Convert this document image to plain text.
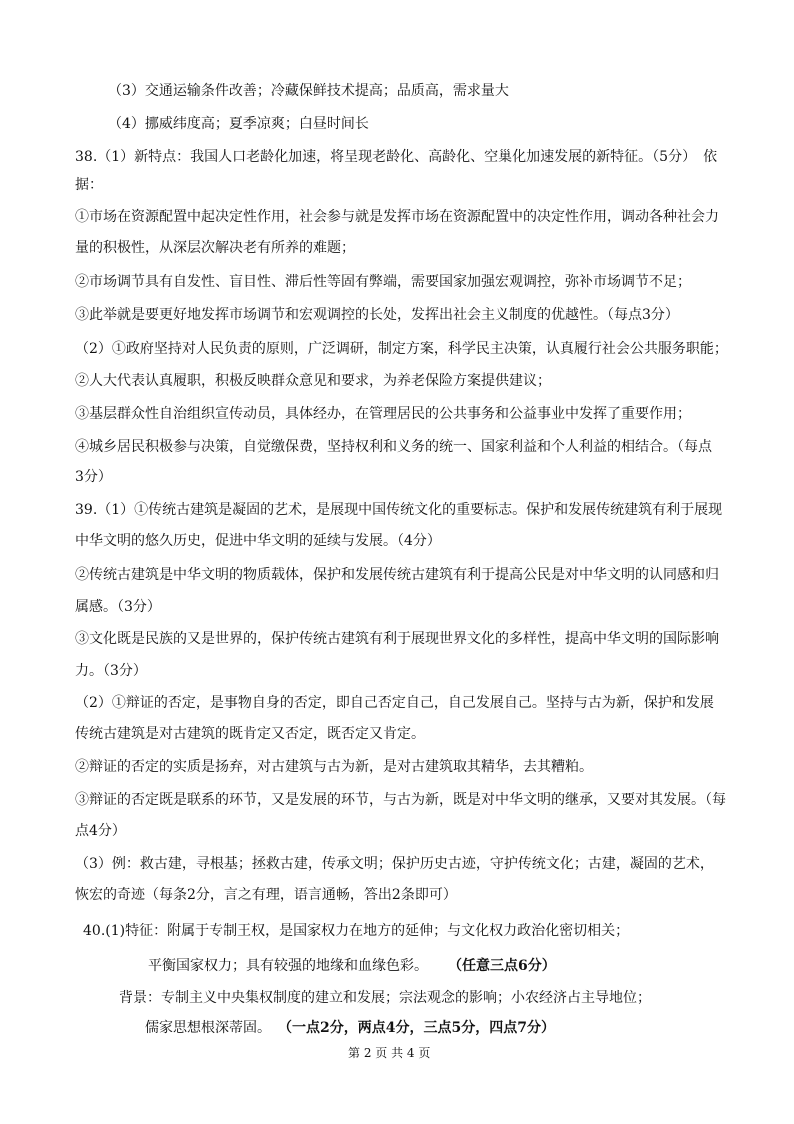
（3）交通运输条件改善；冷藏保鲜技术提高；品质高，需求量大
（4）挪威纬度高；夏季凉爽；白昼时间长
38.（1）新特点：我国人口老龄化加速，将呈现老龄化、高龄化、空巢化加速发展的新特征。（5分）　依
据：
①市场在资源配置中起决定性作用，社会参与就是发挥市场在资源配置中的决定性作用，调动各种社会力
量的积极性，从深层次解决老有所养的难题；
②市场调节具有自发性、盲目性、滞后性等固有弊端，需要国家加强宏观调控，弥补市场调节不足；
③此举就是要更好地发挥市场调节和宏观调控的长处，发挥出社会主义制度的优越性。（每点3分）
（2）①政府坚持对人民负责的原则，广泛调研，制定方案，科学民主决策，认真履行社会公共服务职能；
②人大代表认真履职，积极反映群众意见和要求，为养老保险方案提供建议；
③基层群众性自治组织宣传动员，具体经办，在管理居民的公共事务和公益事业中发挥了重要作用；
④城乡居民积极参与决策，自觉缴保费，坚持权利和义务的统一、国家利益和个人利益的相结合。（每点
3分）
39.（1）①传统古建筑是凝固的艺术，是展现中国传统文化的重要标志。保护和发展传统建筑有利于展现
中华文明的悠久历史，促进中华文明的延续与发展。（4分）
②传统古建筑是中华文明的物质载体，保护和发展传统古建筑有利于提高公民是对中华文明的认同感和归
属感。（3分）
③文化既是民族的又是世界的，保护传统古建筑有利于展现世界文化的多样性，提高中华文明的国际影响
力。（3分）
（2）①辩证的否定，是事物自身的否定，即自己否定自己，自己发展自己。坚持与古为新，保护和发展
传统古建筑是对古建筑的既肯定又否定，既否定又肯定。
②辩证的否定的实质是扬弃，对古建筑与古为新，是对古建筑取其精华，去其糟粕。
③辩证的否定既是联系的环节，又是发展的环节，与古为新，既是对中华文明的继承，又要对其发展。（每
点4分）
（3）例：救古建，寻根基；拯救古建，传承文明；保护历史古迹，守护传统文化；古建，凝固的艺术，
恢宏的奇迹（每条2分，言之有理，语言通畅，答出2条即可）
40.(1)特征：附属于专制王权，是国家权力在地方的延伸；与文化权力政治化密切相关；
平衡国家权力；具有较强的地缘和血缘色彩。 （任意三点6分）
背景：专制主义中央集权制度的建立和发展；宗法观念的影响；小农经济占主导地位；
儒家思想根深蒂固。 （一点2分，两点4分，三点5分，四点7分）
第 2 页 共 4 页
